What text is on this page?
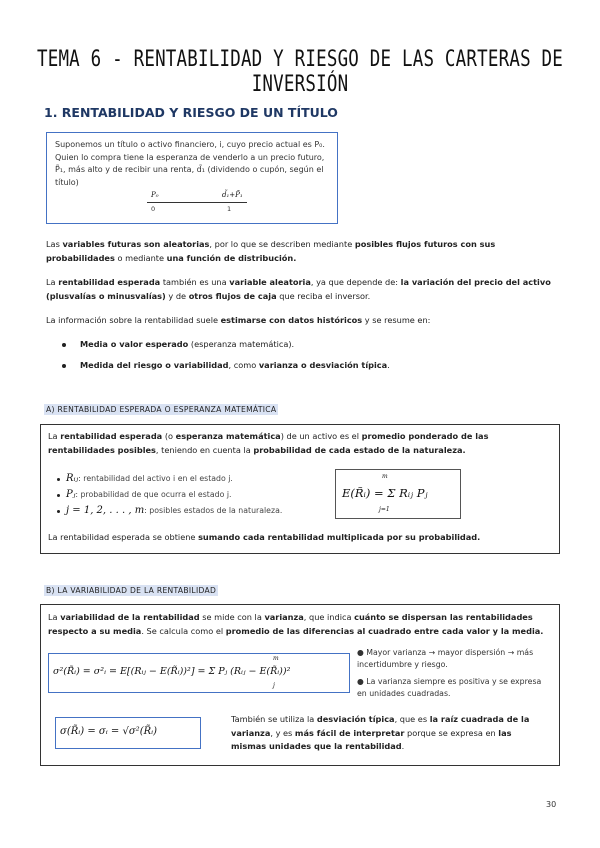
TEMA 6 - RENTABILIDAD Y RIESGO DE LAS CARTERAS DE INVERSIÓN
1. RENTABILIDAD Y RIESGO DE UN TÍTULO

Suponemos un título o activo financiero, i, cuyo precio actual es P₀. Quien lo compra tiene la esperanza de venderlo a un precio futuro, P̃₁, más alto y de recibir una renta, d̃₁ (dividendo o cupón, según el título)

P₀	d̃₁+P̃₁
0	1
Las variables futuras son aleatorias, por lo que se describen mediante posibles flujos futuros con sus probabilidades o mediante una función de distribución.
La rentabilidad esperada también es una variable aleatoria, ya que depende de: la variación del precio del activo (plusvalías o minusvalías) y de otros flujos de caja que reciba el inversor.
La información sobre la rentabilidad suele estimarse con datos históricos y se resume en:
Media o valor esperado (esperanza matemática).
Medida del riesgo o variabilidad, como varianza o desviación típica.
A) RENTABILIDAD ESPERADA O ESPERANZA MATEMÁTICA
La rentabilidad esperada (o esperanza matemática) de un activo es el promedio ponderado de las rentabilidades posibles, teniendo en cuenta la probabilidad de cada estado de la naturaleza.
Rᵢⱼ: rentabilidad del activo i en el estado j.
Pⱼ: probabilidad de que ocurra el estado j.
j = 1, 2, . . . , m: posibles estados de la naturaleza.
m
E(R̃ᵢ) = Σ Rᵢⱼ Pⱼ
j=1
La rentabilidad esperada se obtiene sumando cada rentabilidad multiplicada por su probabilidad.
B) LA VARIABILIDAD DE LA RENTABILIDAD
La variabilidad de la rentabilidad se mide con la varianza, que indica cuánto se dispersan las rentabilidades respecto a su media. Se calcula como el promedio de las diferencias al cuadrado entre cada valor y la media.
m
σ²(R̃ᵢ) = σ²ᵢ = E[(Rᵢⱼ − E(R̃ᵢ))²] = Σ Pⱼ (Rᵢⱼ − E(R̃ᵢ))²
j
● Mayor varianza → mayor dispersión → más incertidumbre y riesgo.
● La varianza siempre es positiva y se expresa en unidades cuadradas.
σ(R̃ᵢ) = σᵢ = √σ²(R̃ᵢ)
También se utiliza la desviación típica, que es la raíz cuadrada de la varianza, y es más fácil de interpretar porque se expresa en las mismas unidades que la rentabilidad.
30
